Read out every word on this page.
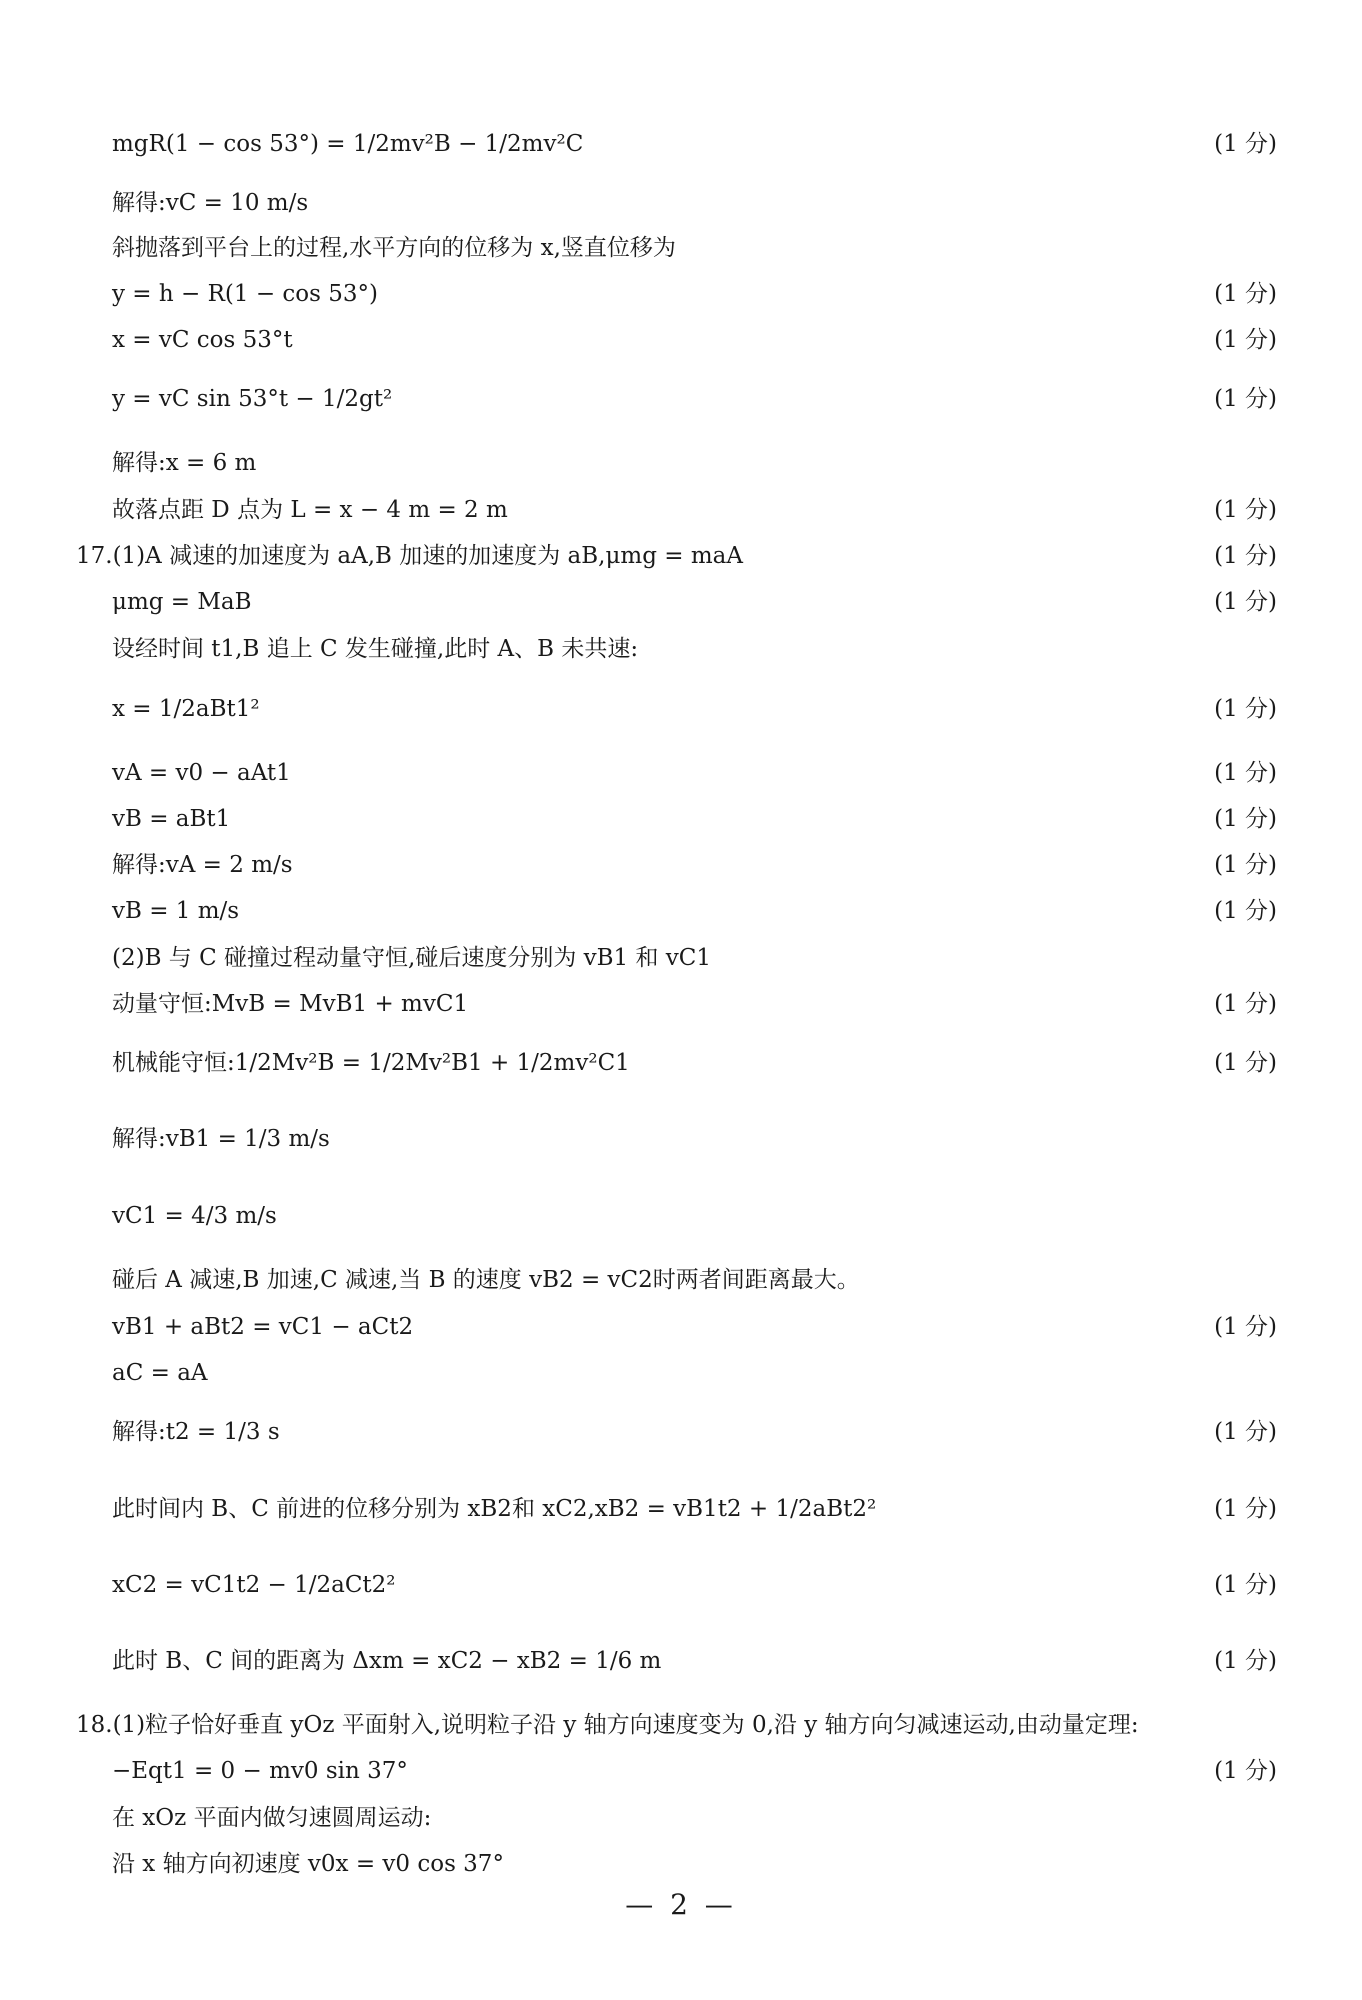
mgR(1 − cos 53°) = 1/2mv²B − 1/2mv²C	(1 分)
解得:vC = 10 m/s
斜抛落到平台上的过程,水平方向的位移为 x,竖直位移为
y = h − R(1 − cos 53°)	(1 分)
x = vC cos 53°t	(1 分)
y = vC sin 53°t − 1/2gt²	(1 分)
解得:x = 6 m
故落点距 D 点为 L = x − 4 m = 2 m	(1 分)
17.(1)A 减速的加速度为 aA,B 加速的加速度为 aB,μmg = maA	(1 分)
μmg = MaB	(1 分)
设经时间 t1,B 追上 C 发生碰撞,此时 A、B 未共速:
x = 1/2aBt1²	(1 分)
vA = v0 − aAt1	(1 分)
vB = aBt1	(1 分)
解得:vA = 2 m/s	(1 分)
vB = 1 m/s	(1 分)
(2)B 与 C 碰撞过程动量守恒,碰后速度分别为 vB1 和 vC1
动量守恒:MvB = MvB1 + mvC1	(1 分)
机械能守恒:1/2Mv²B = 1/2Mv²B1 + 1/2mv²C1	(1 分)
解得:vB1 = 1/3 m/s
vC1 = 4/3 m/s
碰后 A 减速,B 加速,C 减速,当 B 的速度 vB2 = vC2时两者间距离最大。
vB1 + aBt2 = vC1 − aCt2	(1 分)
aC = aA
解得:t2 = 1/3 s	(1 分)
此时间内 B、C 前进的位移分别为 xB2和 xC2,xB2 = vB1t2 + 1/2aBt2²	(1 分)
xC2 = vC1t2 − 1/2aCt2²	(1 分)
此时 B、C 间的距离为 Δxm = xC2 − xB2 = 1/6 m	(1 分)
18.(1)粒子恰好垂直 yOz 平面射入,说明粒子沿 y 轴方向速度变为 0,沿 y 轴方向匀减速运动,由动量定理:
−Eqt1 = 0 − mv0 sin 37°	(1 分)
在 xOz 平面内做匀速圆周运动:
沿 x 轴方向初速度 v0x = v0 cos 37°
— 2 —
